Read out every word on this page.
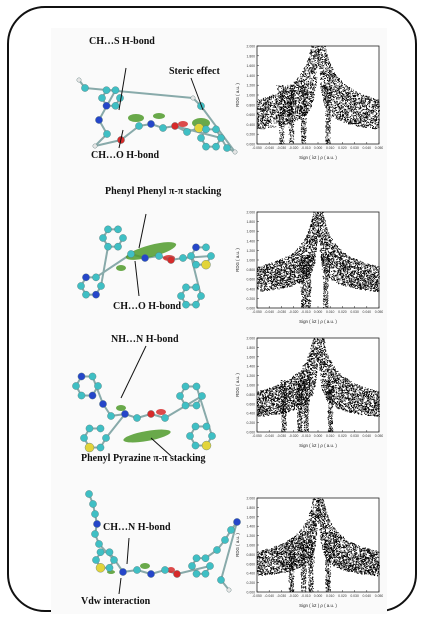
CH…S H-bond
Steric effect
CH…O H-bond
0.000
0.200
0.400
0.600
0.800
1.000
1.200
1.400
1.600
1.800
2.000
-0.050 -0.040 -0.030 -0.020 -0.010 0.000 0.010 0.020 0.030 0.040 0.050
Sign ( λ2 ) ρ ( a.u. )
RDG ( a.u. )
Phenyl Phenyl π-π stacking
CH…O H-bond	0.000
0.200
0.400
0.600
0.800
1.000
1.200
1.400
1.600
1.800
2.000
-0.050 -0.040 -0.030 -0.020 -0.010 0.000 0.010 0.020 0.030 0.040 0.050
Sign ( λ2 ) ρ ( a.u. )
RDG ( a.u. )
NH…N H-bond
Phenyl Pyrazine π-π stacking
0.000
0.200
0.400
0.600
0.800
1.000
1.200
1.400
1.600
1.800
2.000
-0.050 -0.040 -0.030 -0.020 -0.010 0.000 0.010 0.020 0.030 0.040 0.050
Sign ( λ2 ) ρ ( a.u. )
RDG ( a.u. )
CH…N H-bond
Vdw interaction
0.000
0.200
0.400
0.600
0.800
1.000
1.200
1.400
1.600
1.800
2.000
-0.050 -0.040 -0.030 -0.020 -0.010 0.000 0.010 0.020 0.030 0.040 0.050
Sign ( λ2 ) ρ ( a.u. )
RDG ( a.u. )
